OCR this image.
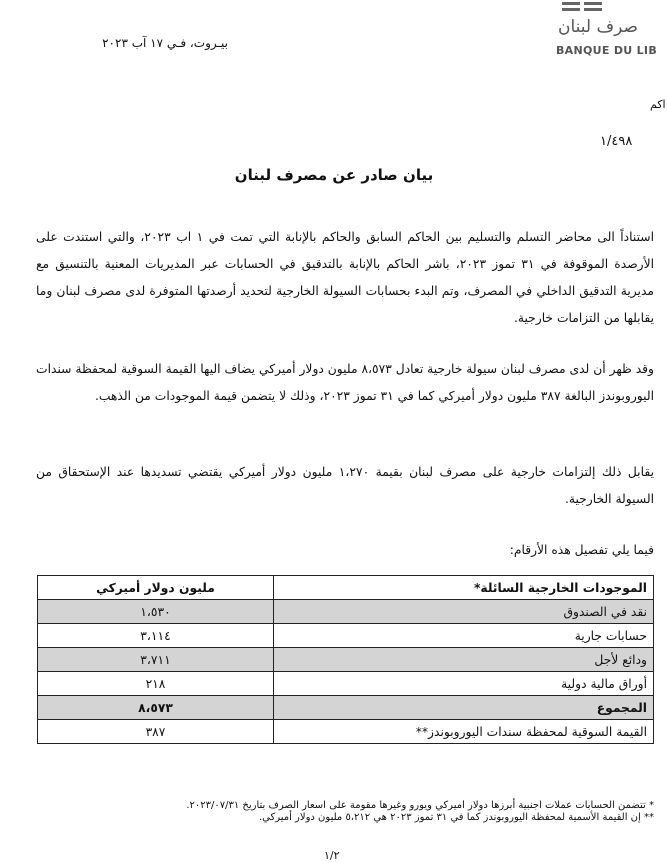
صرف لبنان
BANQUE DU LIB
بيـروت، فـي ١٧ آب ٢٠٢٣
اكم
١/٤٩٨
بيان صادر عن مصرف لبنان
استناداً الى محاضر التسلم والتسليم بين الحاكم السابق والحاكم بالإنابة التي تمت في ١ اب ٢٠٢٣، والتي استندت على الأرصدة الموقوفة في ٣١ تموز ٢٠٢٣، باشر الحاكم بالإنابة بالتدقيق في الحسابات عبر المديريات المعنية بالتنسيق مع مديرية التدقيق الداخلي في المصرف، وتم البدء بحسابات السيولة الخارجية لتحديد أرصدتها المتوفرة لدى مصرف لبنان وما يقابلها من التزامات خارجية.
وقد ظهر أن لدى مصرف لبنان سيولة خارجية تعادل ٨،٥٧٣ مليون دولار أميركي يضاف اليها القيمة السوقية لمحفظة سندات اليوروبوندز البالغة ٣٨٧ مليون دولار أميركي كما في ٣١ تموز ٢٠٢٣، وذلك لا يتضمن قيمة الموجودات من الذهب.
يقابل ذلك إلتزامات خارجية على مصرف لبنان بقيمة ١،٢٧٠ مليون دولار أميركي يقتضي تسديدها عند الإستحقاق من السيولة الخارجية.
فيما يلي تفصيل هذه الأرقام:
الموجودات الخارجية السائلة*	مليون دولار أميركي
نقد في الصندوق	١،٥٣٠
حسابات جارية	٣،١١٤
ودائع لأجل	٣،٧١١
أوراق مالية دولية	٢١٨
المجموع	٨،٥٧٣
القيمة السوقية لمحفظة سندات اليوروبوندز**	٣٨٧
* تتضمن الحسابات عملات اجنبية أبرزها دولار اميركي ويورو وغيرها مقومة على اسعار الصرف بتاريخ ٢٠٢٣/٠٧/٣١.
** إن القيمة الأسمية لمحفظة اليوروبوندز كما في ٣١ تموز ٢٠٢٣ هي ٥،٢١٢ مليون دولار أميركي.
١/٢
